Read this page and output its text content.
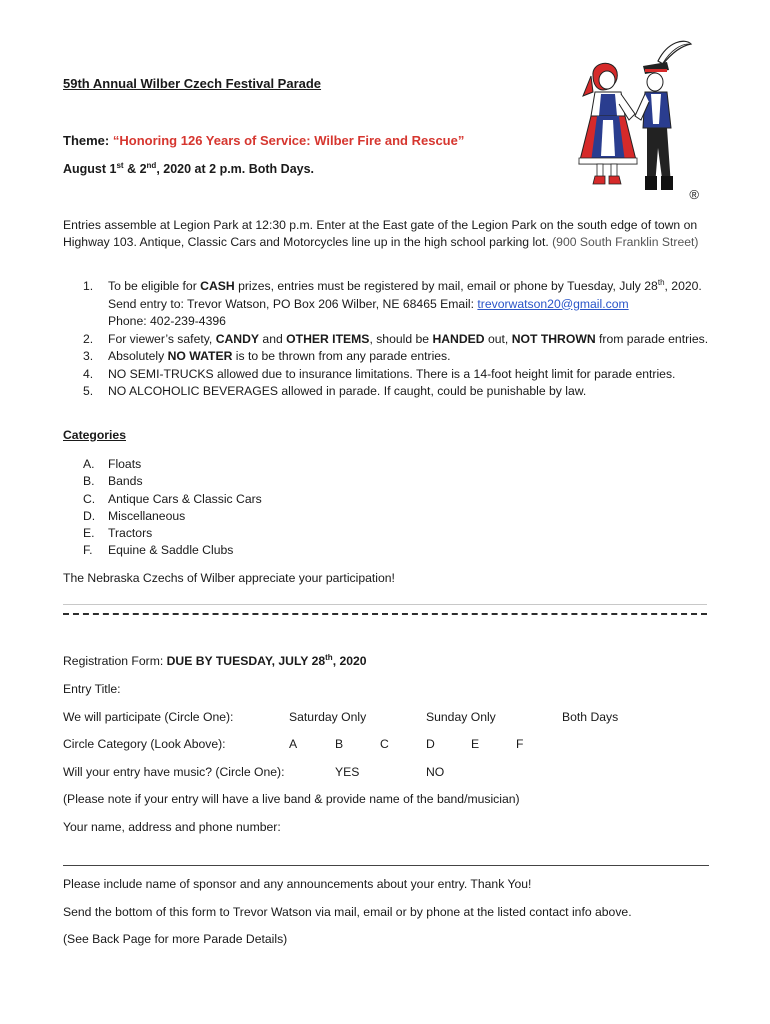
59th Annual Wilber Czech Festival Parade
Theme: “Honoring 126 Years of Service: Wilber Fire and Rescue”
August 1st & 2nd, 2020 at 2 p.m. Both Days.
Entries assemble at Legion Park at 12:30 p.m. Enter at the East gate of the Legion Park on the south edge of town on Highway 103. Antique, Classic Cars and Motorcycles line up in the high school parking lot. (900 South Franklin Street)
1. To be eligible for CASH prizes, entries must be registered by mail, email or phone by Tuesday, July 28th, 2020. Send entry to: Trevor Watson, PO Box 206 Wilber, NE 68465 Email: trevorwatson20@gmail.com
Phone: 402-239-4396
2. For viewer’s safety, CANDY and OTHER ITEMS, should be HANDED out, NOT THROWN from parade entries.
3. Absolutely NO WATER is to be thrown from any parade entries.
4. NO SEMI-TRUCKS allowed due to insurance limitations. There is a 14-foot height limit for parade entries.
5. NO ALCOHOLIC BEVERAGES allowed in parade. If caught, could be punishable by law.
Categories
A. Floats
B. Bands
C. Antique Cars & Classic Cars
D. Miscellaneous
E. Tractors
F. Equine & Saddle Clubs
The Nebraska Czechs of Wilber appreciate your participation!
Registration Form: DUE BY TUESDAY, JULY 28th, 2020
Entry Title:
We will participate (Circle One):	Saturday Only	Sunday Only	Both Days
Circle Category (Look Above):	A	B	C	D	E	F
Will your entry have music? (Circle One):	YES	NO
(Please note if your entry will have a live band & provide name of the band/musician)
Your name, address and phone number:
Please include name of sponsor and any announcements about your entry. Thank You!
Send the bottom of this form to Trevor Watson via mail, email or by phone at the listed contact info above.
(See Back Page for more Parade Details)
®
